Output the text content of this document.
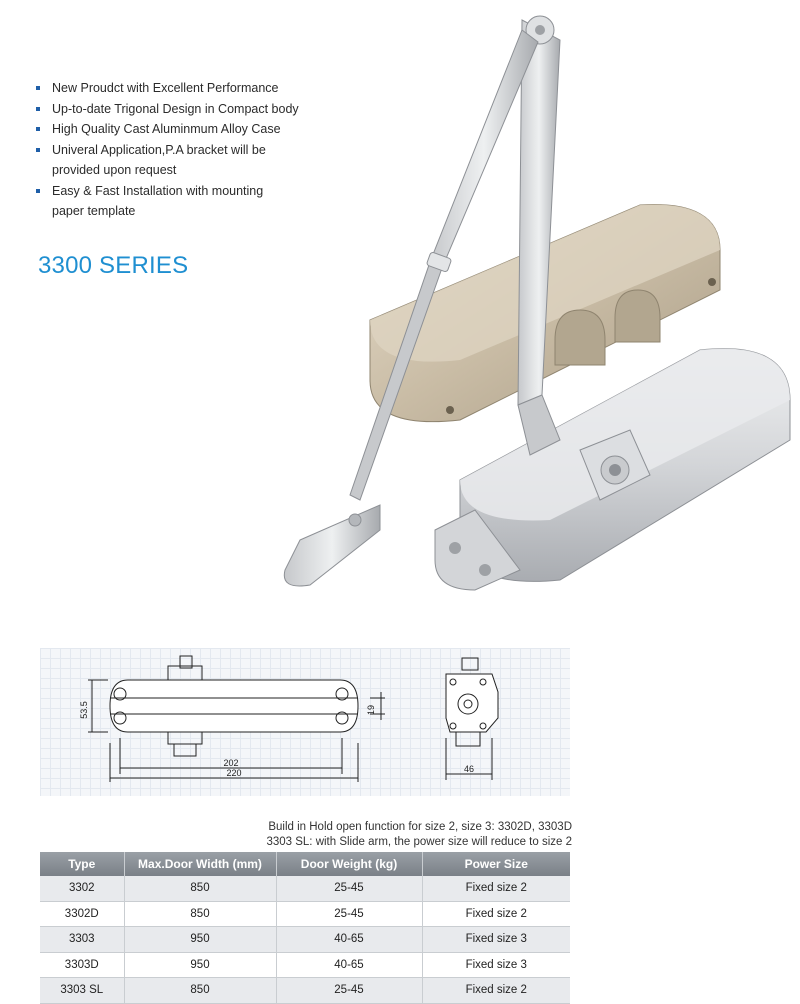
New Proudct with Excellent Performance
Up-to-date Trigonal Design in Compact body
High Quality Cast Aluminmum Alloy Case
Univeral Application,P.A bracket will be
provided upon request
Easy & Fast Installation with mounting
paper template
3300 SERIES
53.5	19
202
220	46
Build in Hold open function for size 2, size 3: 3302D, 3303D
3303 SL: with Slide arm, the power size will reduce to size 2
Type	Max.Door Width (mm)	Door Weight (kg)	Power Size
3302	850	25-45	Fixed size 2
3302D	850	25-45	Fixed size 2
3303	950	40-65	Fixed size 3
3303D	950	40-65	Fixed size 3
3303 SL	850	25-45	Fixed size 2
